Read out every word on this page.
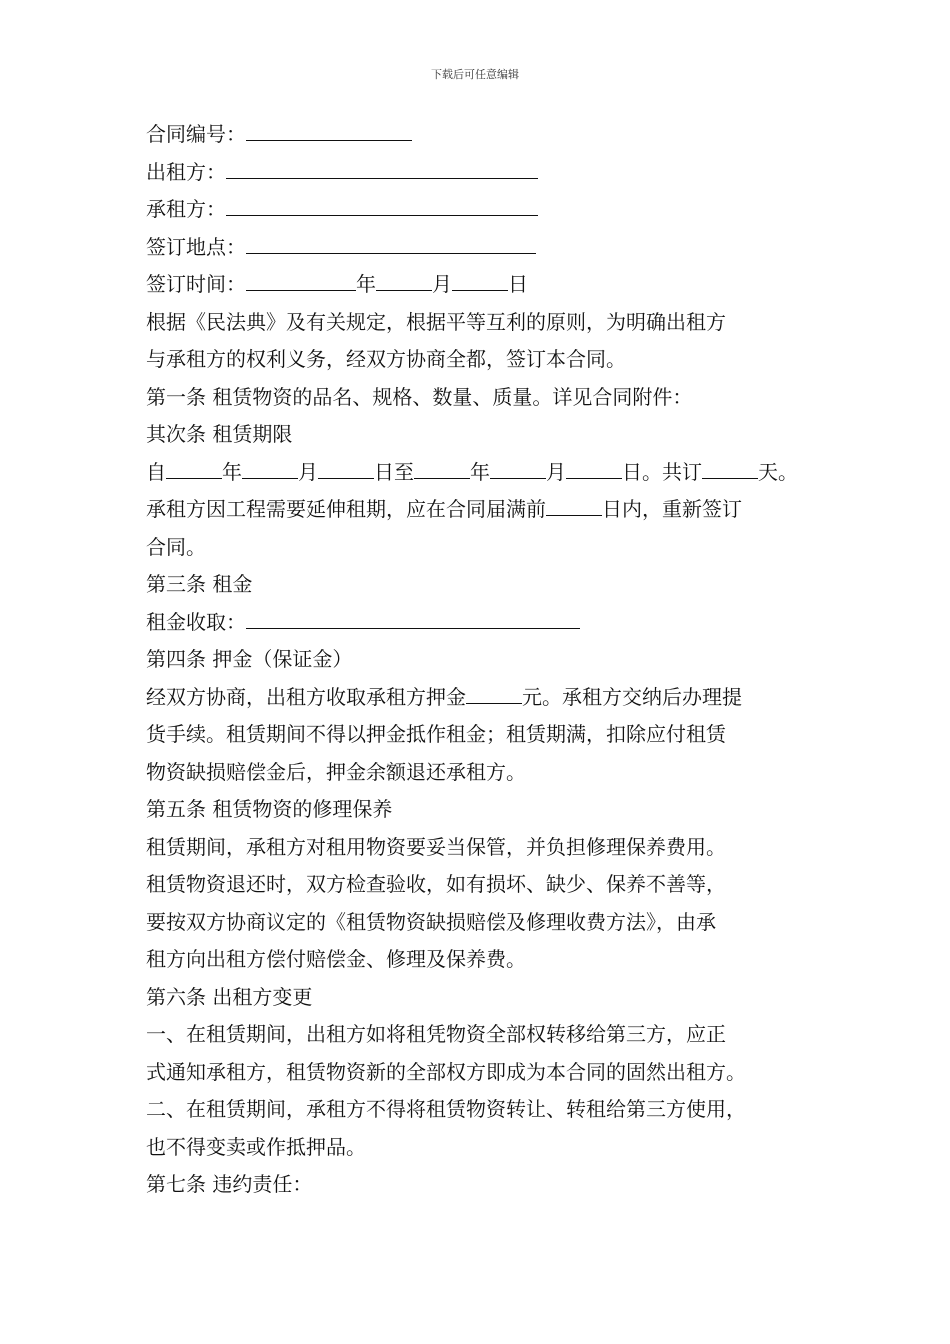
下载后可任意编辑
合同编号：
出租方：
承租方：
签订地点：
签订时间：	年	月	日
根据《民法典》及有关规定，根据平等互利的原则，为明确出租方
与承租方的权利义务，经双方协商全都，签订本合同。
第一条 租赁物资的品名、规格、数量、质量。详见合同附件：
其次条 租赁期限
自	年	月	日至	年	月	日。共订	天。
承租方因工程需要延伸租期，应在合同届满前	日内，重新签订
合同。
第三条 租金
租金收取：
第四条 押金（保证金）
经双方协商，出租方收取承租方押金	元。承租方交纳后办理提
货手续。租赁期间不得以押金抵作租金；租赁期满，扣除应付租赁
物资缺损赔偿金后，押金余额退还承租方。
第五条 租赁物资的修理保养
租赁期间，承租方对租用物资要妥当保管，并负担修理保养费用。
租赁物资退还时，双方检查验收，如有损坏、缺少、保养不善等，
要按双方协商议定的《租赁物资缺损赔偿及修理收费方法》，由承
租方向出租方偿付赔偿金、修理及保养费。
第六条 出租方变更
一、在租赁期间，出租方如将租凭物资全部权转移给第三方，应正
式通知承租方，租赁物资新的全部权方即成为本合同的固然出租方。
二、在租赁期间，承租方不得将租赁物资转让、转租给第三方使用，
也不得变卖或作抵押品。
第七条 违约责任：
